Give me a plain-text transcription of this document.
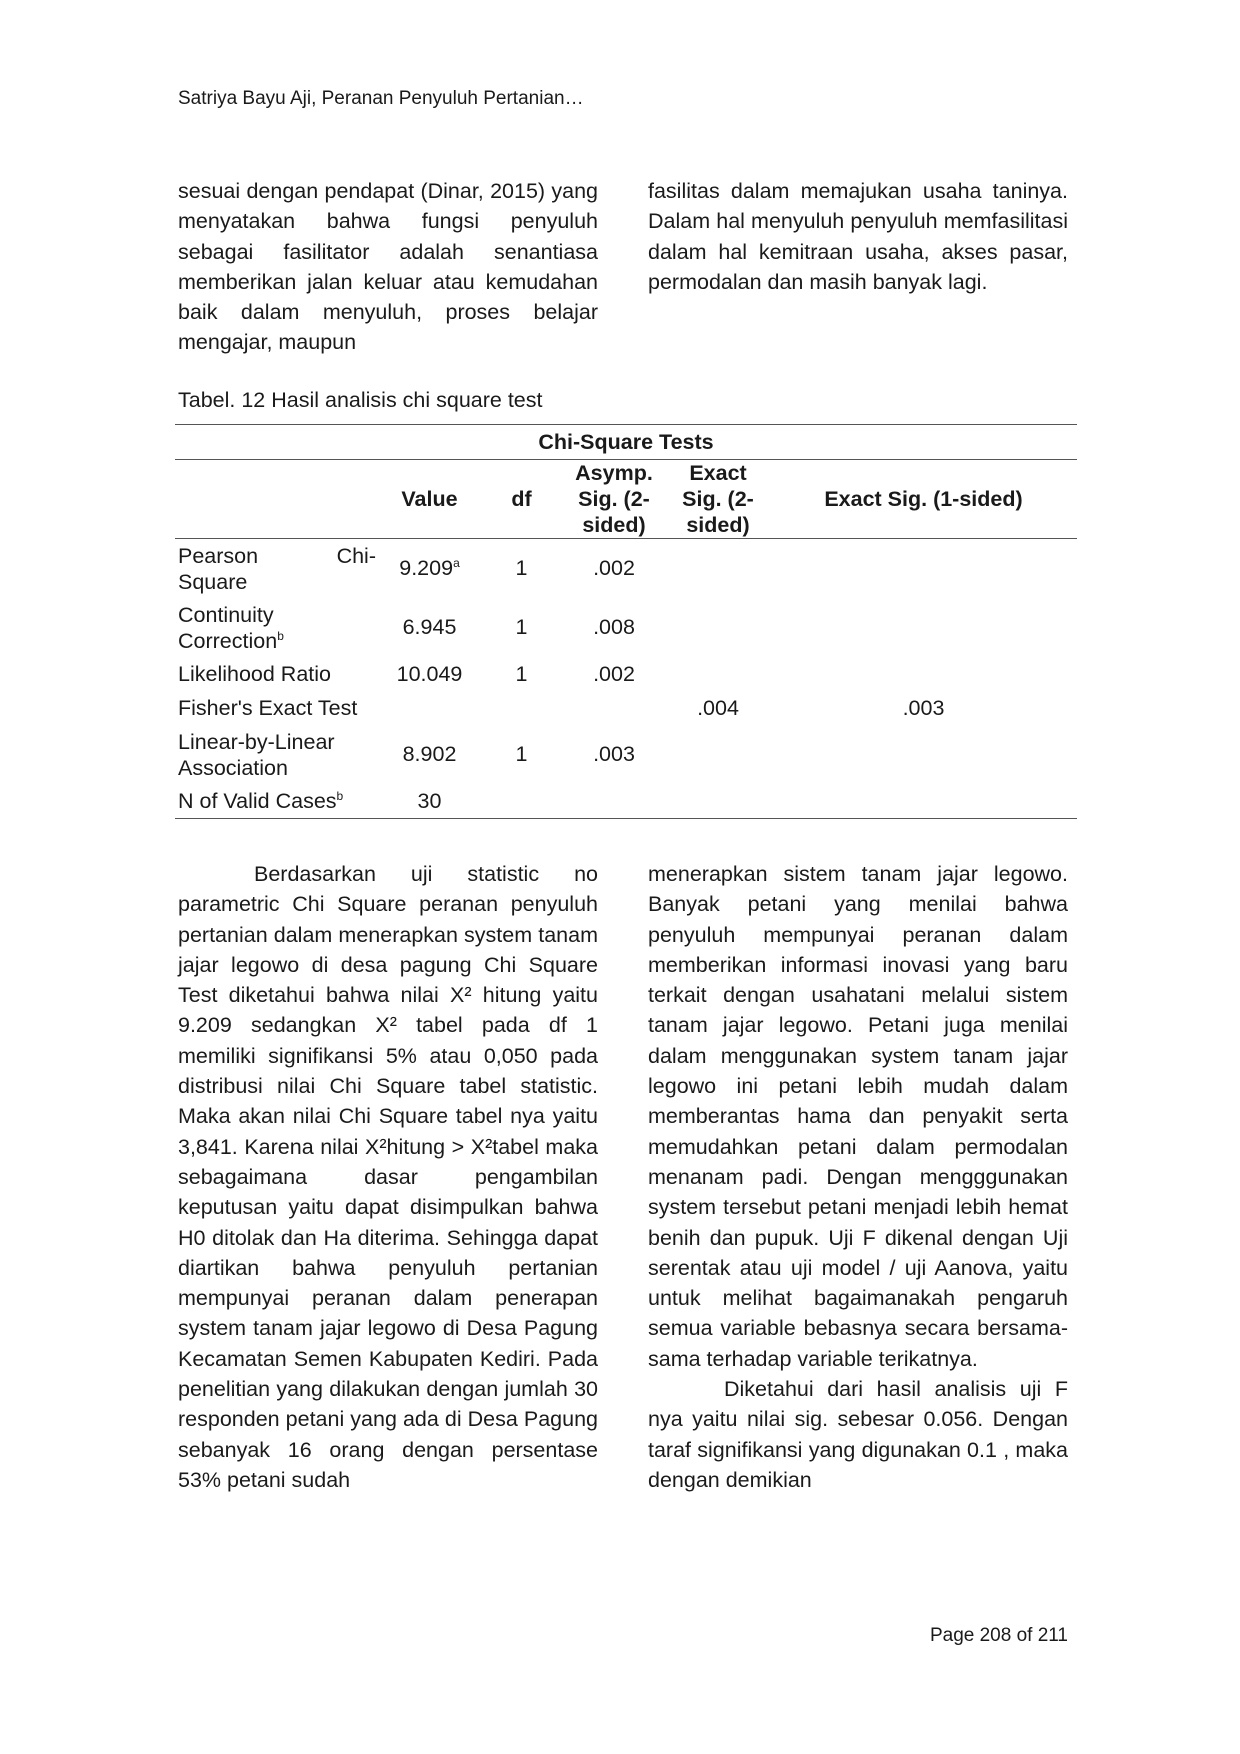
Satriya Bayu Aji, Peranan Penyuluh Pertanian…

sesuai dengan pendapat (Dinar, 2015) yang menyatakan bahwa fungsi penyuluh sebagai fasilitator adalah senantiasa memberikan jalan keluar atau kemudahan baik dalam menyuluh, proses belajar mengajar, maupun

fasilitas dalam memajukan usaha taninya. Dalam hal menyuluh penyuluh memfasilitasi dalam hal kemitraan usaha, akses pasar, permodalan dan masih banyak lagi.

Tabel. 12 Hasil analisis chi square test
Chi-Square Tests
	Value	df	Asymp. Sig. (2-sided)	Exact Sig. (2-sided)	Exact Sig. (1-sided)

Pearson Chi-
Square	9.209$^a$	1	.002		
Continuity Correction$^b$	6.945	1	.008		
Likelihood Ratio	10.049	1	.002		
Fisher's Exact Test				.004	.003
Linear-by-Linear Association	8.902	1	.003		
N of Valid Cases$^b$	30				

Berdasarkan uji statistic no parametric Chi Square peranan penyuluh pertanian dalam menerapkan system tanam jajar legowo di desa pagung Chi Square Test diketahui bahwa nilai X² hitung yaitu 9.209 sedangkan X² tabel pada df 1 memiliki signifikansi 5% atau 0,050 pada distribusi nilai Chi Square tabel statistic. Maka akan nilai Chi Square tabel nya yaitu 3,841. Karena nilai X²hitung > X²tabel maka sebagaimana dasar pengambilan keputusan yaitu dapat disimpulkan bahwa H0 ditolak dan Ha diterima. Sehingga dapat diartikan bahwa penyuluh pertanian mempunyai peranan dalam penerapan system tanam jajar legowo di Desa Pagung Kecamatan Semen Kabupaten Kediri. Pada penelitian yang dilakukan dengan jumlah 30 responden petani yang ada di Desa Pagung sebanyak 16 orang dengan persentase 53% petani sudah

menerapkan sistem tanam jajar legowo. Banyak petani yang menilai bahwa penyuluh mempunyai peranan dalam memberikan informasi inovasi yang baru terkait dengan usahatani melalui sistem tanam jajar legowo. Petani juga menilai dalam menggunakan system tanam jajar legowo ini petani lebih mudah dalam memberantas hama dan penyakit serta memudahkan petani dalam permodalan menanam padi. Dengan mengggunakan system tersebut petani menjadi lebih hemat benih dan pupuk. Uji F dikenal dengan Uji serentak atau uji model / uji Aanova, yaitu untuk melihat bagaimanakah pengaruh semua variable bebasnya secara bersama-sama terhadap variable terikatnya.

Diketahui dari hasil analisis uji F nya yaitu nilai sig. sebesar 0.056. Dengan taraf signifikansi yang digunakan 0.1 , maka dengan demikian

Page 208 of 211
